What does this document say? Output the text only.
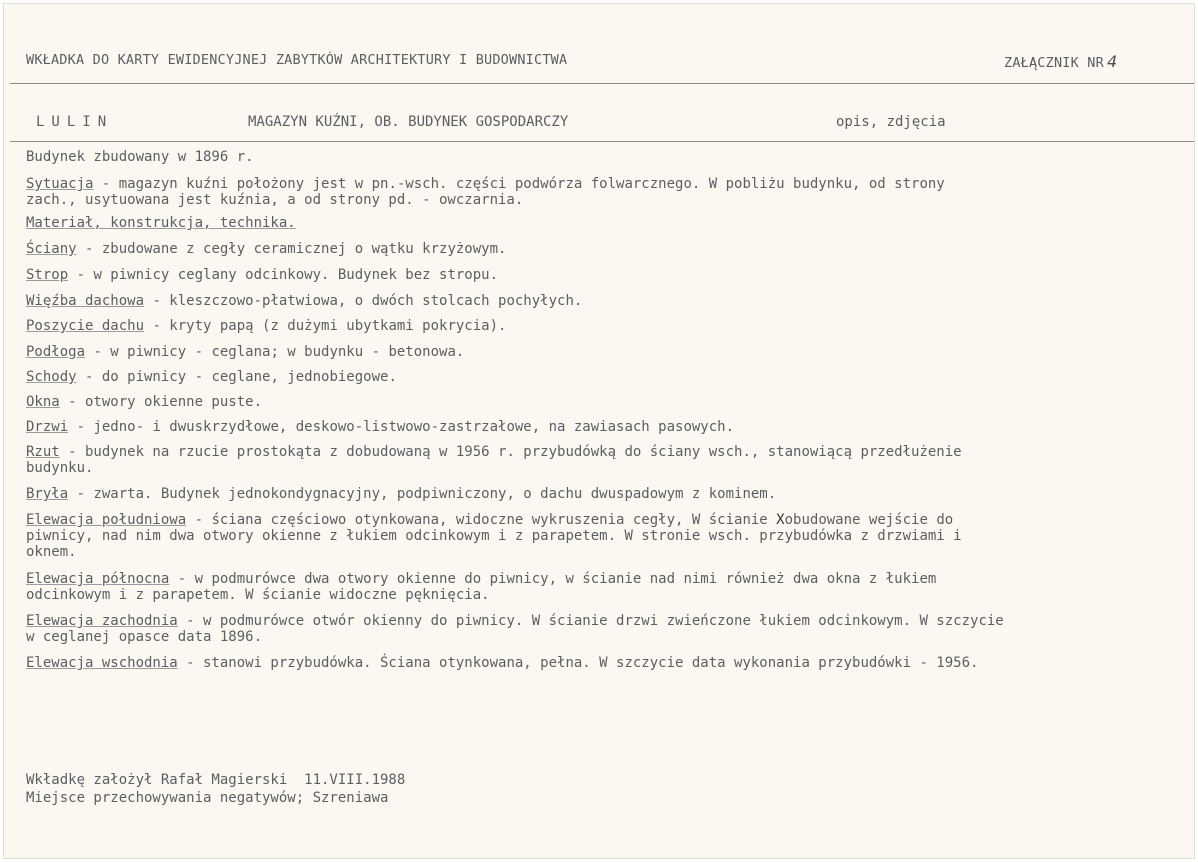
WKŁADKA DO KARTY EWIDENCYJNEJ ZABYTKÓW ARCHITEKTURY I BUDOWNICTWA	ZAŁĄCZNIK NR 4
LULIN	MAGAZYN KUŹNI, OB. BUDYNEK GOSPODARCZY	opis, zdjęcia
Budynek zbudowany w 1896 r.
Sytuacja - magazyn kuźni położony jest w pn.-wsch. części podwórza folwarcznego. W pobliżu budynku, od strony
zach., usytuowana jest kuźnia, a od strony pd. - owczarnia.
Materiał, konstrukcja, technika.
Ściany - zbudowane z cegły ceramicznej o wątku krzyżowym.
Strop - w piwnicy ceglany odcinkowy. Budynek bez stropu.
Więźba dachowa - kleszczowo-płatwiowa, o dwóch stolcach pochyłych.
Poszycie dachu - kryty papą (z dużymi ubytkami pokrycia).
Podłoga - w piwnicy - ceglana; w budynku - betonowa.
Schody - do piwnicy - ceglane, jednobiegowe.
Okna - otwory okienne puste.
Drzwi - jedno- i dwuskrzydłowe, deskowo-listwowo-zastrzałowe, na zawiasach pasowych.
Rzut - budynek na rzucie prostokąta z dobudowaną w 1956 r. przybudówką do ściany wsch., stanowiącą przedłużenie
budynku.
Bryła - zwarta. Budynek jednokondygnacyjny, podpiwniczony, o dachu dwuspadowym z kominem.
Elewacja południowa - ściana częściowo otynkowana, widoczne wykruszenia cegły, W ścianie Xobudowane wejście do
piwnicy, nad nim dwa otwory okienne z łukiem odcinkowym i z parapetem. W stronie wsch. przybudówka z drzwiami i
oknem.
Elewacja północna - w podmurówce dwa otwory okienne do piwnicy, w ścianie nad nimi również dwa okna z łukiem
odcinkowym i z parapetem. W ścianie widoczne pęknięcia.
Elewacja zachodnia - w podmurówce otwór okienny do piwnicy. W ścianie drzwi zwieńczone łukiem odcinkowym. W szczycie
w ceglanej opasce data 1896.
Elewacja wschodnia - stanowi przybudówka. Ściana otynkowana, pełna. W szczycie data wykonania przybudówki - 1956.
Wkładkę założył Rafał Magierski  11.VIII.1988
Miejsce przechowywania negatywów; Szreniawa
